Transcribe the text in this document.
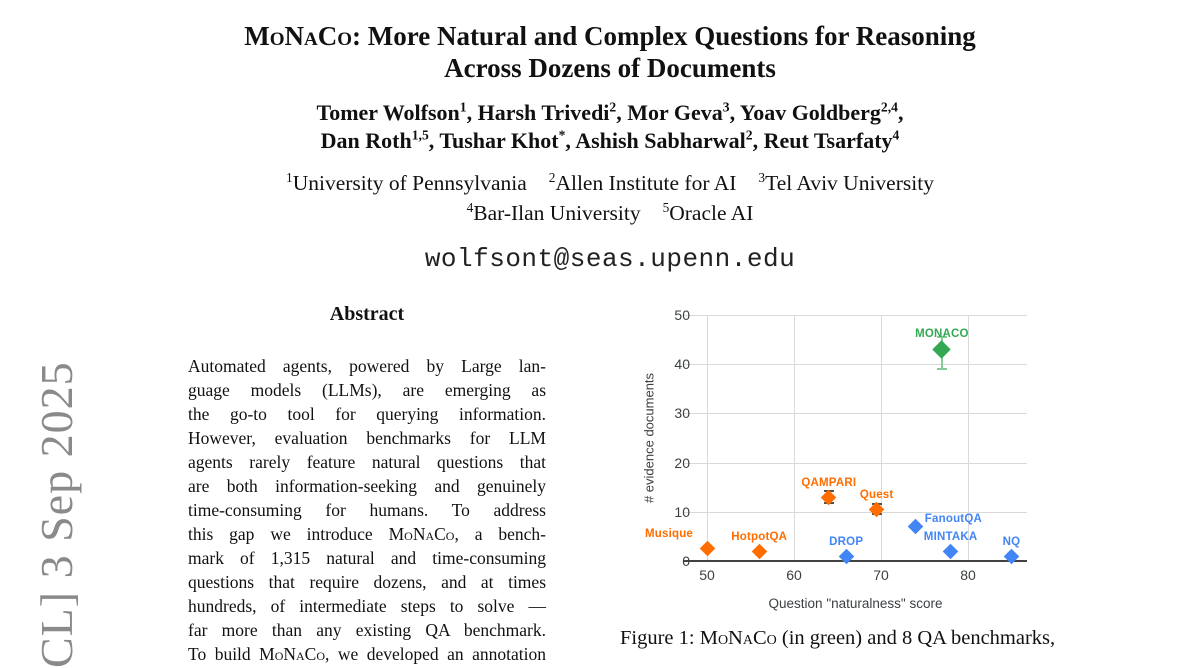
CL] 3 Sep 2025
MoNaCo: More Natural and Complex Questions for Reasoning
Across Dozens of Documents
Tomer Wolfson$^1$, Harsh Trivedi$^2$, Mor Geva$^3$, Yoav Goldberg$^{2,4}$,
Dan Roth$^{1,5}$, Tushar Khot*, Ashish Sabharwal$^2$, Reut Tsarfaty$^4$
$^1$University of Pennsylvania $^2$Allen Institute for AI $^3$Tel Aviv University
$^4$Bar-Ilan University $^5$Oracle AI
wolfsont@seas.upenn.edu
Abstract
Automated agents, powered by Large lan-
guage models (LLMs), are emerging as
the go-to tool for querying information.
However, evaluation benchmarks for LLM
agents rarely feature natural questions that
are both information-seeking and genuinely
time-consuming for humans. To address
this gap we introduce MoNaCo, a bench-
mark of 1,315 natural and time-consuming
questions that require dozens, and at times
hundreds, of intermediate steps to solve —
far more than any existing QA benchmark.
To build MoNaCo, we developed an annotation
10
20
30
40
50
50	60	70	80
# evidence documents
Question "naturalness" score
Musique	HotpotQA
QAMPARI
Quest
DROP
FanoutQA
MINTAKA NQ
MONACO
Figure 1: MoNaCo (in green) and 8 QA benchmarks,
